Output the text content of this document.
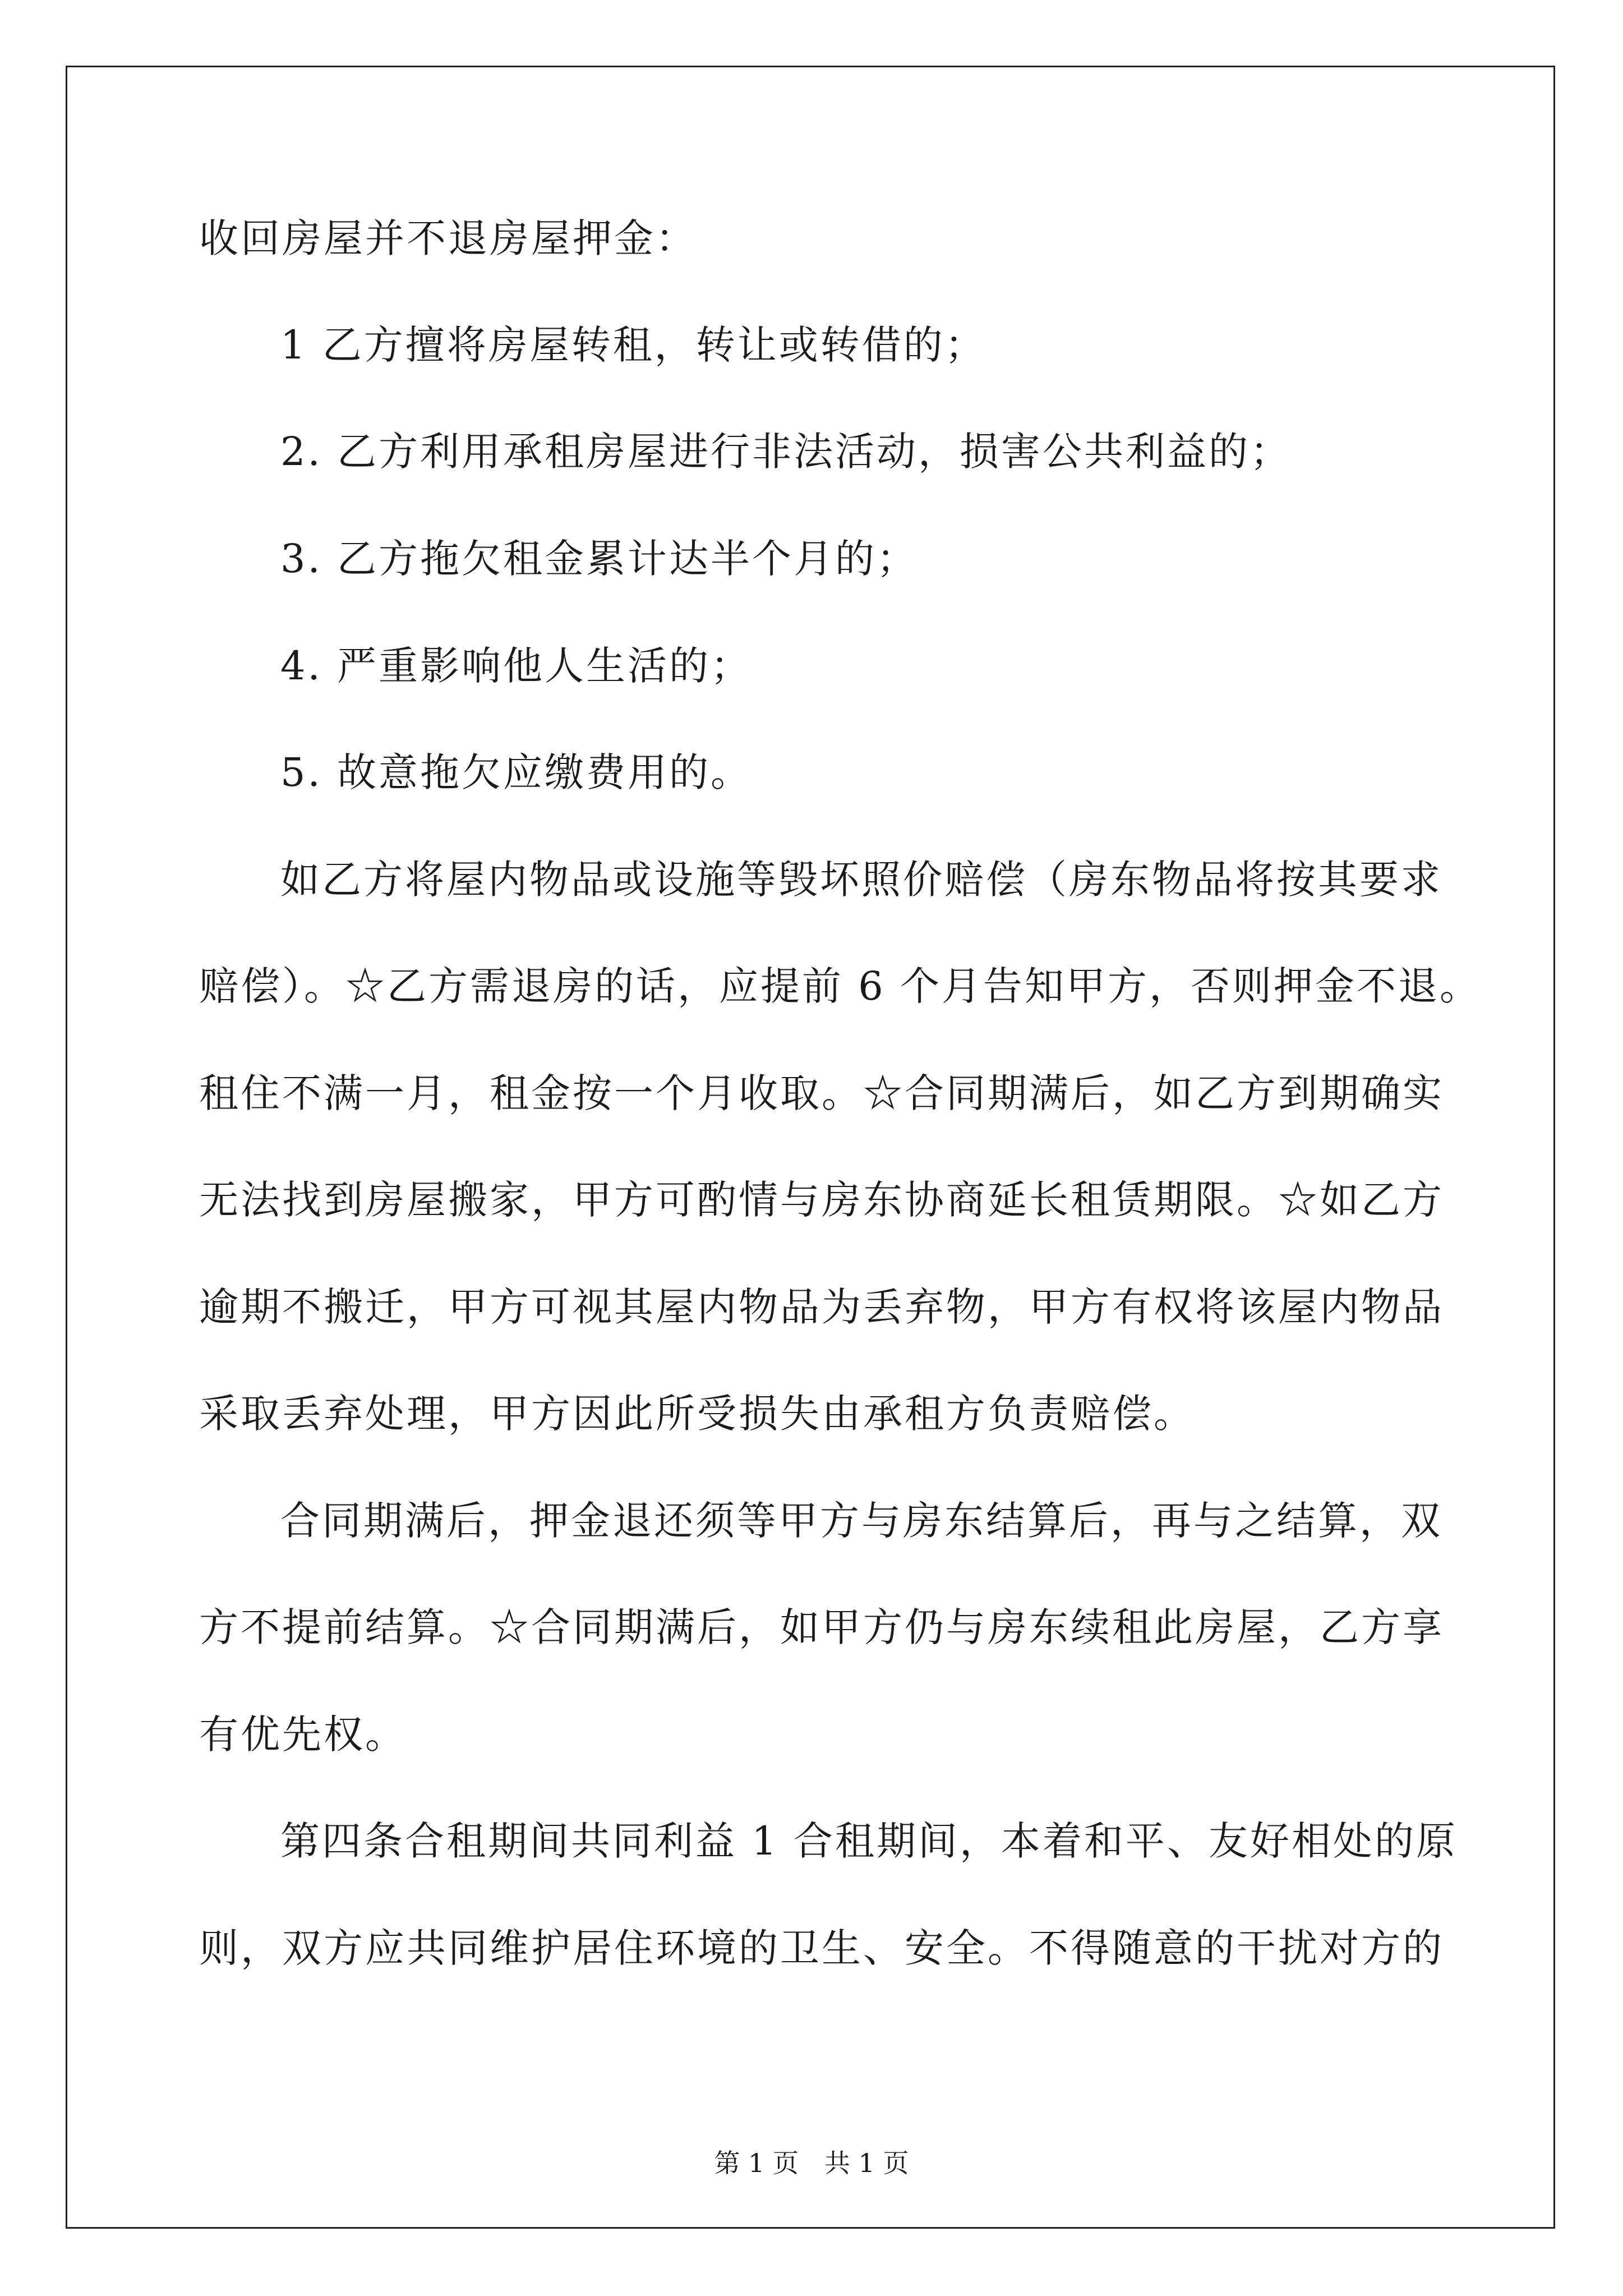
收回房屋并不退房屋押金：
1 乙方擅将房屋转租，转让或转借的；
2. 乙方利用承租房屋进行非法活动，损害公共利益的；
3. 乙方拖欠租金累计达半个月的；
4. 严重影响他人生活的；
5. 故意拖欠应缴费用的。
如乙方将屋内物品或设施等毁坏照价赔偿（房东物品将按其要求
赔偿）。☆乙方需退房的话，应提前 6 个月告知甲方，否则押金不退。
租住不满一月，租金按一个月收取。☆合同期满后，如乙方到期确实
无法找到房屋搬家，甲方可酌情与房东协商延长租赁期限。☆如乙方
逾期不搬迁，甲方可视其屋内物品为丢弃物，甲方有权将该屋内物品
采取丢弃处理，甲方因此所受损失由承租方负责赔偿。
合同期满后，押金退还须等甲方与房东结算后，再与之结算，双
方不提前结算。☆合同期满后，如甲方仍与房东续租此房屋，乙方享
有优先权。
第四条合租期间共同利益 1 合租期间，本着和平、友好相处的原
则，双方应共同维护居住环境的卫生、安全。不得随意的干扰对方的
第 1 页　共 1 页
